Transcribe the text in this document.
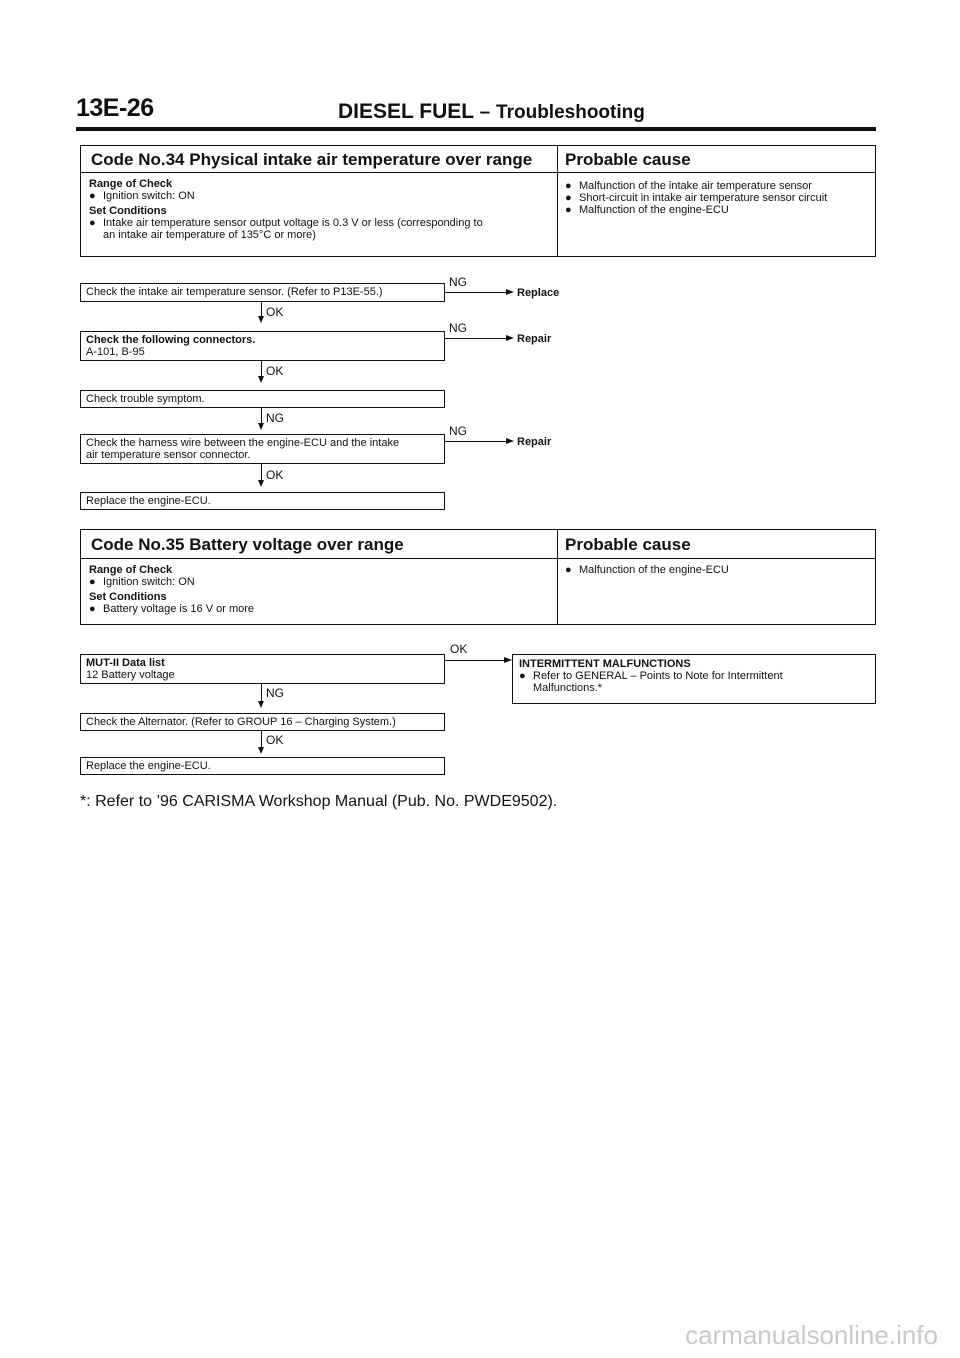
13E-26	DIESEL FUEL – Troubleshooting
Code No.34 Physical intake air temperature over range Probable cause
Range of Check
● Ignition switch: ON
Set Conditions
● Intake air temperature sensor output voltage is 0.3 V or less (corresponding to
an intake air temperature of 135°C or more)
● Malfunction of the intake air temperature sensor
● Short-circuit in intake air temperature sensor circuit
● Malfunction of the engine-ECU
Check the intake air temperature sensor. (Refer to P13E-55.)
NG
Replace
OK
Check the following connectors.
A-101, B-95
NG
Repair
OK
Check trouble symptom.
NG
Check the harness wire between the engine-ECU and the intake
air temperature sensor connector.
NG
Repair
OK
Replace the engine-ECU.
Code No.35 Battery voltage over range	Probable cause
Range of Check
● Ignition switch: ON
Set Conditions
● Battery voltage is 16 V or more
● Malfunction of the engine-ECU
MUT-II Data list
12 Battery voltage
OK
INTERMITTENT MALFUNCTIONS
● Refer to GENERAL – Points to Note for Intermittent
Malfunctions.*
NG
Check the Alternator. (Refer to GROUP 16 – Charging System.)
OK
Replace the engine-ECU.
*: Refer to ’96 CARISMA Workshop Manual (Pub. No. PWDE9502).
carmanualsonline.info
